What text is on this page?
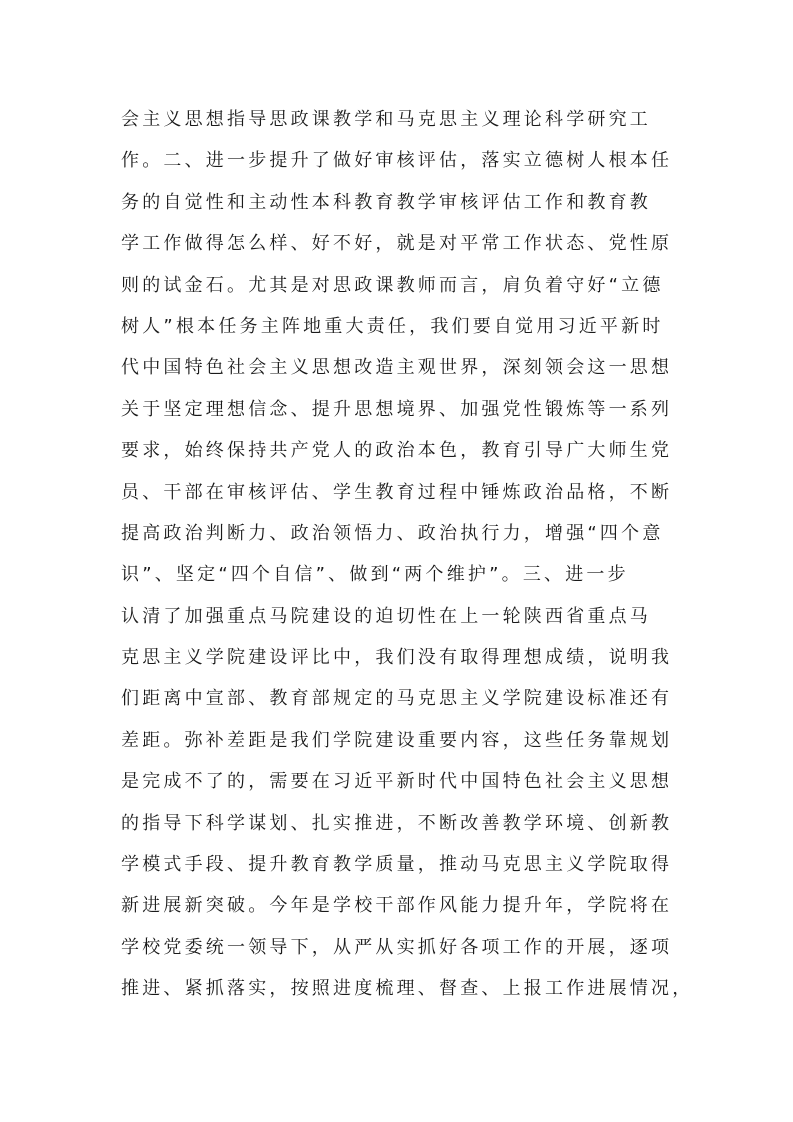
会主义思想指导思政课教学和马克思主义理论科学研究工
作。二、进一步提升了做好审核评估，落实立德树人根本任
务的自觉性和主动性本科教育教学审核评估工作和教育教
学工作做得怎么样、好不好，就是对平常工作状态、党性原
则的试金石。尤其是对思政课教师而言，肩负着守好“立德
树人”根本任务主阵地重大责任，我们要自觉用习近平新时
代中国特色社会主义思想改造主观世界，深刻领会这一思想
关于坚定理想信念、提升思想境界、加强党性锻炼等一系列
要求，始终保持共产党人的政治本色，教育引导广大师生党
员、干部在审核评估、学生教育过程中锤炼政治品格，不断
提高政治判断力、政治领悟力、政治执行力，增强“四个意
识”、坚定“四个自信”、做到“两个维护”。三、进一步
认清了加强重点马院建设的迫切性在上一轮陕西省重点马
克思主义学院建设评比中，我们没有取得理想成绩，说明我
们距离中宣部、教育部规定的马克思主义学院建设标准还有
差距。弥补差距是我们学院建设重要内容，这些任务靠规划
是完成不了的，需要在习近平新时代中国特色社会主义思想
的指导下科学谋划、扎实推进，不断改善教学环境、创新教
学模式手段、提升教育教学质量，推动马克思主义学院取得
新进展新突破。今年是学校干部作风能力提升年，学院将在
学校党委统一领导下，从严从实抓好各项工作的开展，逐项
推进、紧抓落实，按照进度梳理、督查、上报工作进展情况，
